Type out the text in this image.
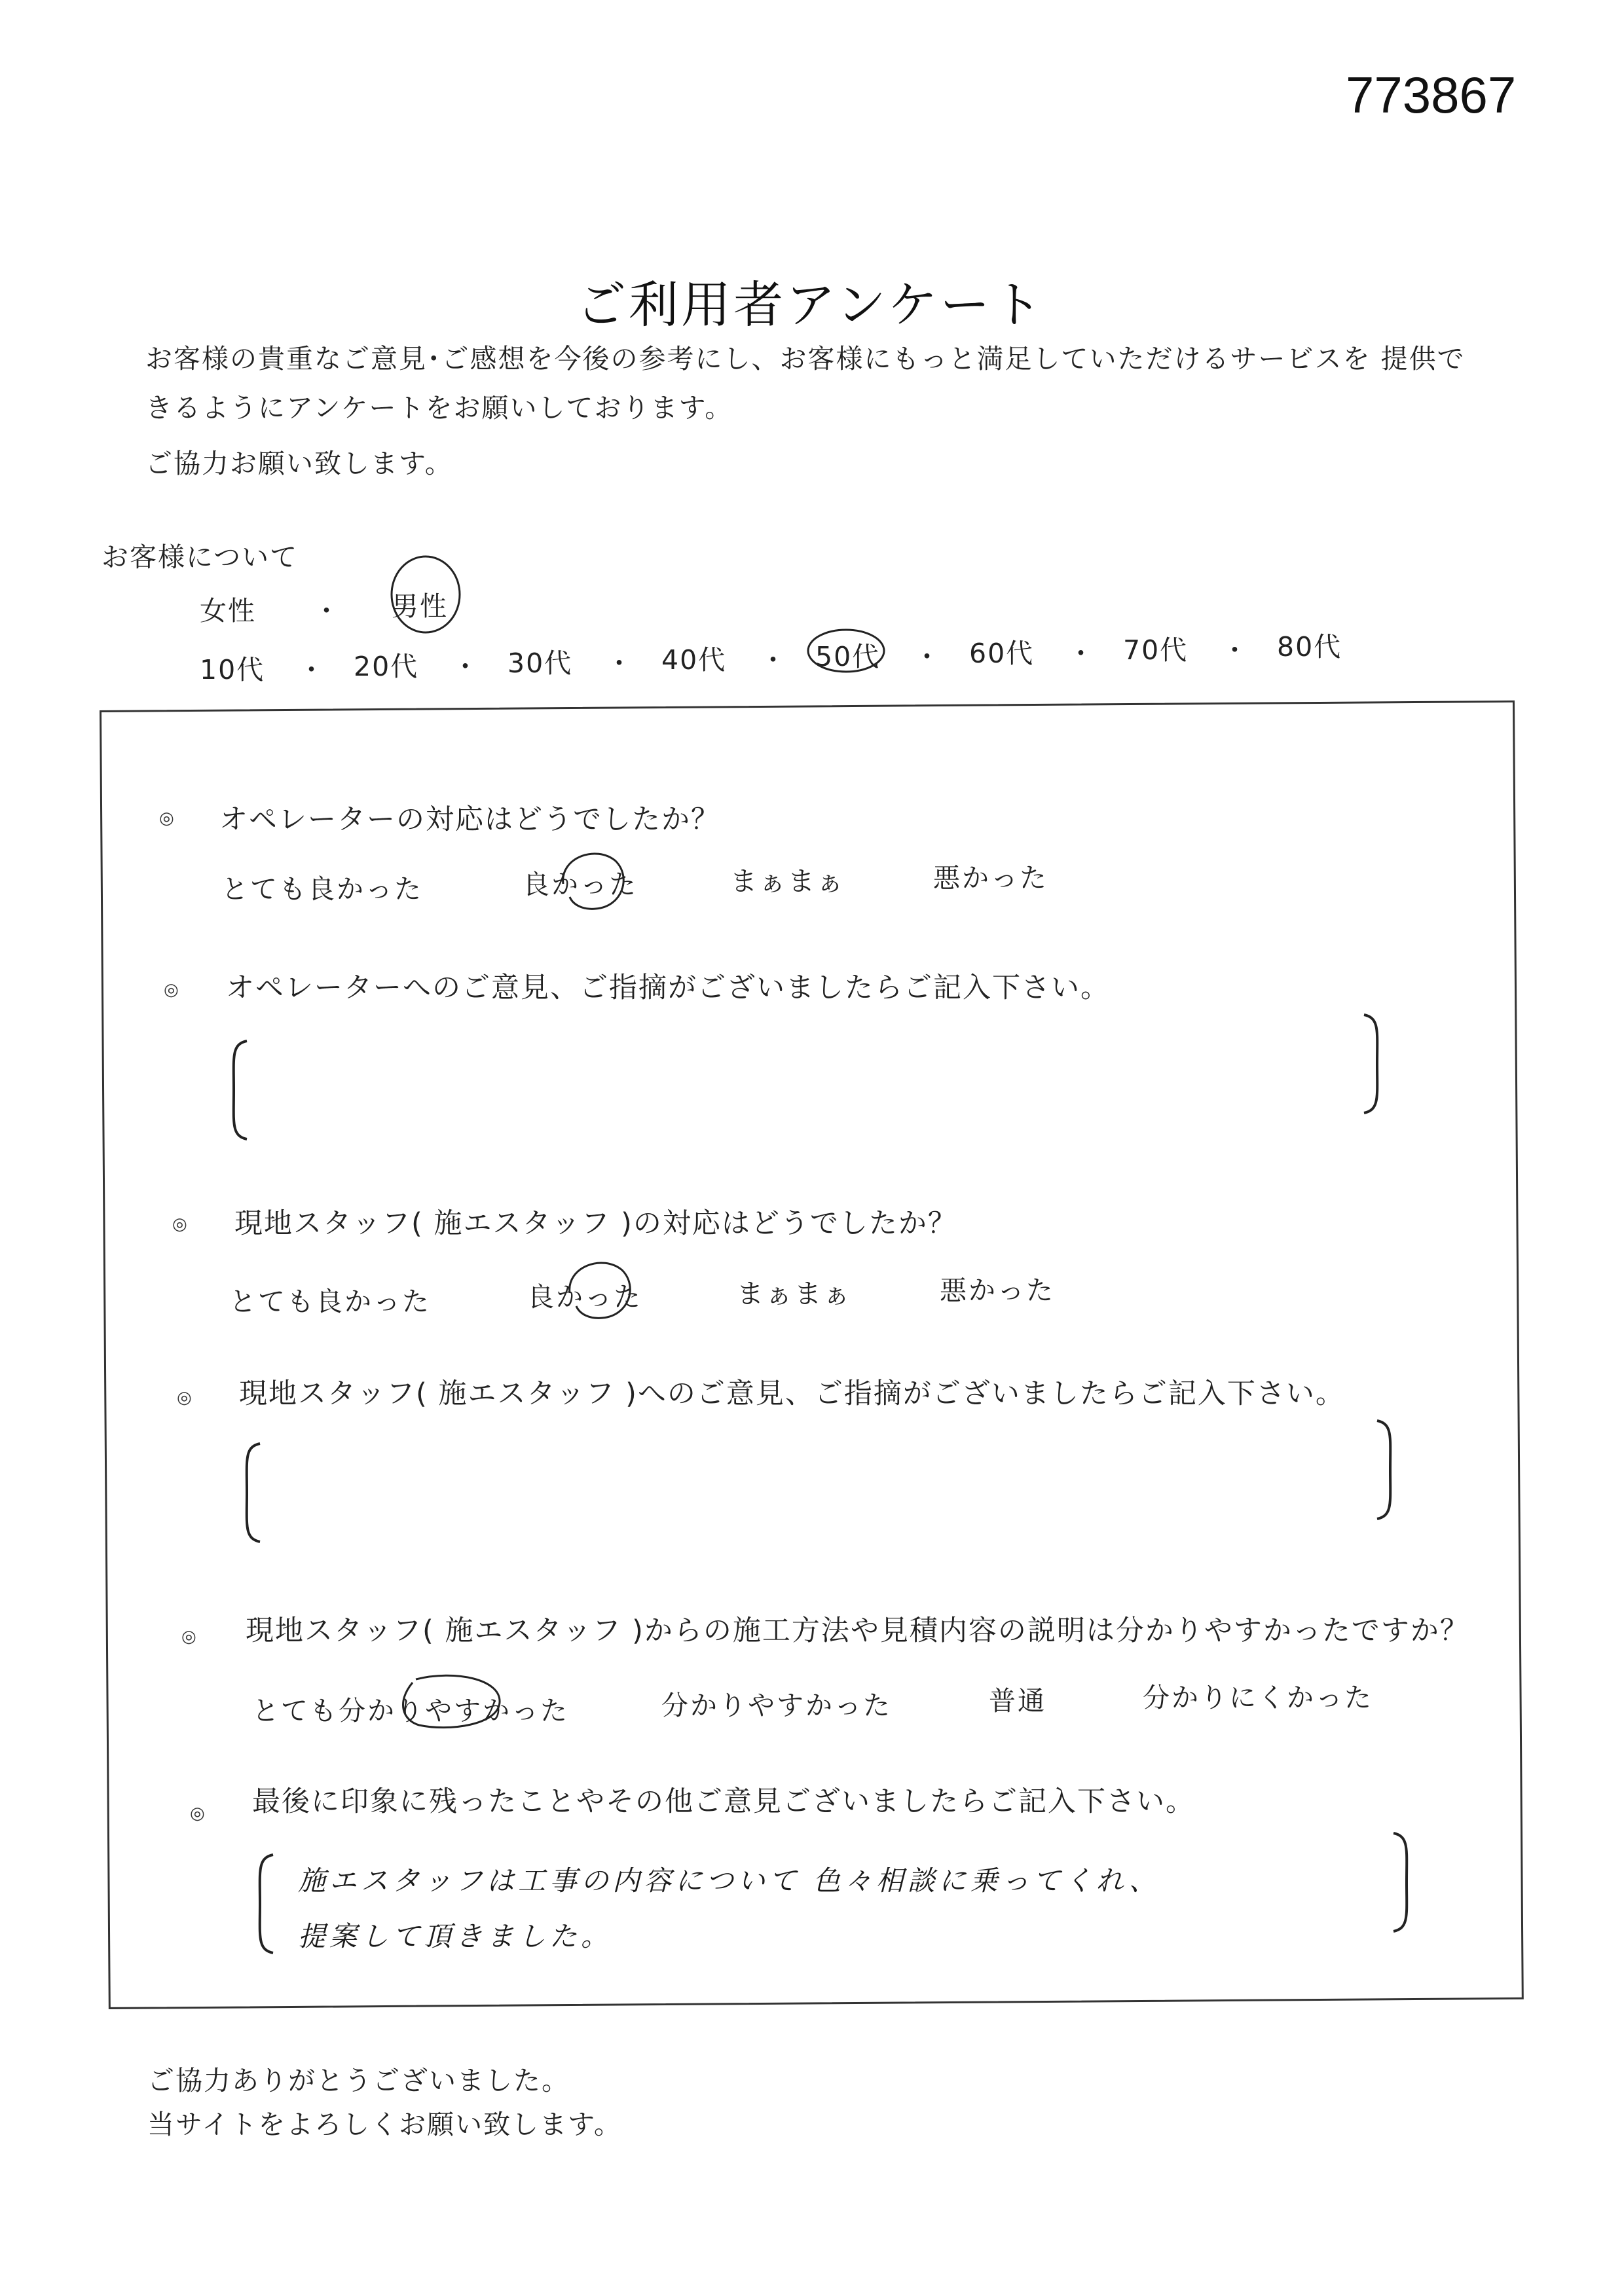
773867
ご利用者アンケート
お客様の貴重なご意見･ご感想を今後の参考にし、お客様にもっと満足していただけるサービスを 提供で
きるようにアンケートをお願いしております。
ご協力お願い致します。
お客様について
女性 ・ 男性
10代 ・ 20代 ・ 30代 ・ 40代 ・ 50代 ・ 60代 ・ 70代 ・ 80代
◎ オペレーターの対応はどうでしたか？
とても良かった	良かった	まぁまぁ	悪かった
◎ オペレーターへのご意見、ご指摘がございましたらご記入下さい。
◎ 現地スタッフ( 施エスタッフ )の対応はどうでしたか？
とても良かった	良かった	まぁまぁ	悪かった
◎ 現地スタッフ( 施エスタッフ )へのご意見、ご指摘がございましたらご記入下さい。
◎ 現地スタッフ( 施エスタッフ )からの施工方法や見積内容の説明は分かりやすかったですか？
とても分かりやすかった	分かりやすかった	普通	分かりにくかった
◎ 最後に印象に残ったことやその他ご意見ございましたらご記入下さい。
施エスタッフは工事の内容について 色々相談に乗ってくれ、
提案して頂きました。
ご協力ありがとうございました。
当サイトをよろしくお願い致します。
